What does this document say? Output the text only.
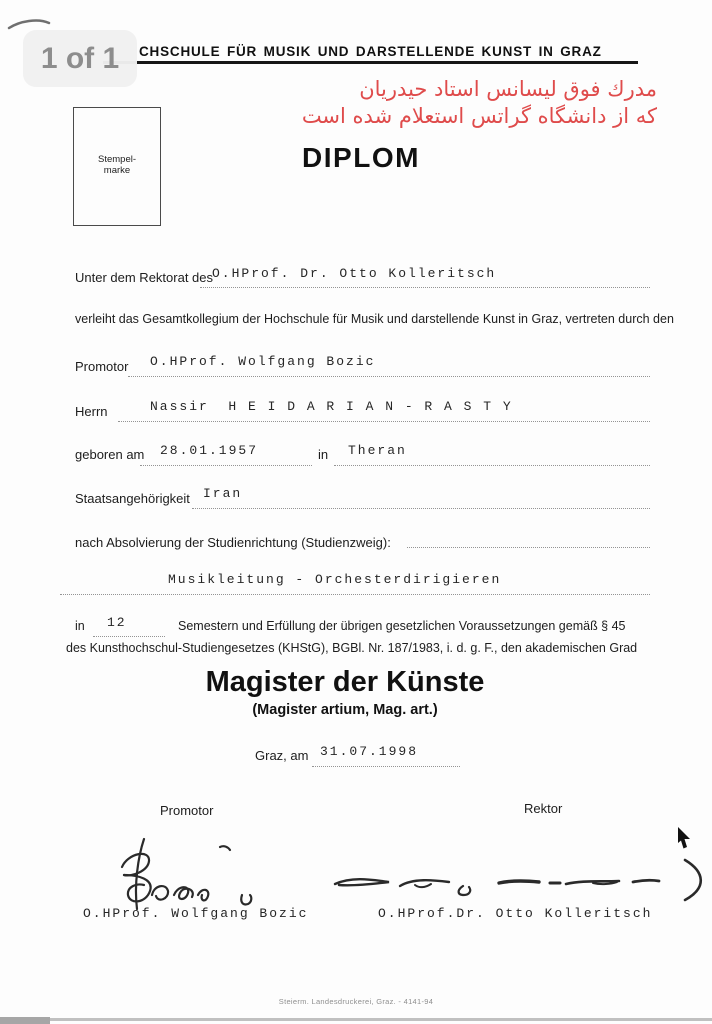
CHSCHULE FÜR MUSIK UND DARSTELLENDE KUNST IN GRAZ
1 of 1
مدرك فوق ليسانس استاد حيدريان
كه از دانشگاه گراتس استعلام شده است
Stempel-
marke	DIPLOM
Unter dem Rektorat des
O.HProf. Dr. Otto Kolleritsch
verleiht das Gesamtkollegium der Hochschule für Musik und darstellende Kunst in Graz, vertreten durch den
Promotor O.HProf. Wolfgang Bozic
Herrn	Nassir  H E I D A R I A N - R A S T Y
geboren am 28.01.1957	in Theran
Staatsangehörigkeit Iran
nach Absolvierung der Studienrichtung (Studienzweig):
Musikleitung - Orchesterdirigieren
in 12	Semestern und Erfüllung der übrigen gesetzlichen Voraussetzungen gemäß § 45
des Kunsthochschul-Studiengesetzes (KHStG), BGBl. Nr. 187/1983, i. d. g. F., den akademischen Grad
Magister der Künste
(Magister artium, Mag. art.)
Graz, am 31.07.1998
Promotor	Rektor
O.HProf. Wolfgang Bozic	O.HProf.Dr. Otto Kolleritsch
Steierm. Landesdruckerei, Graz. - 4141-94
